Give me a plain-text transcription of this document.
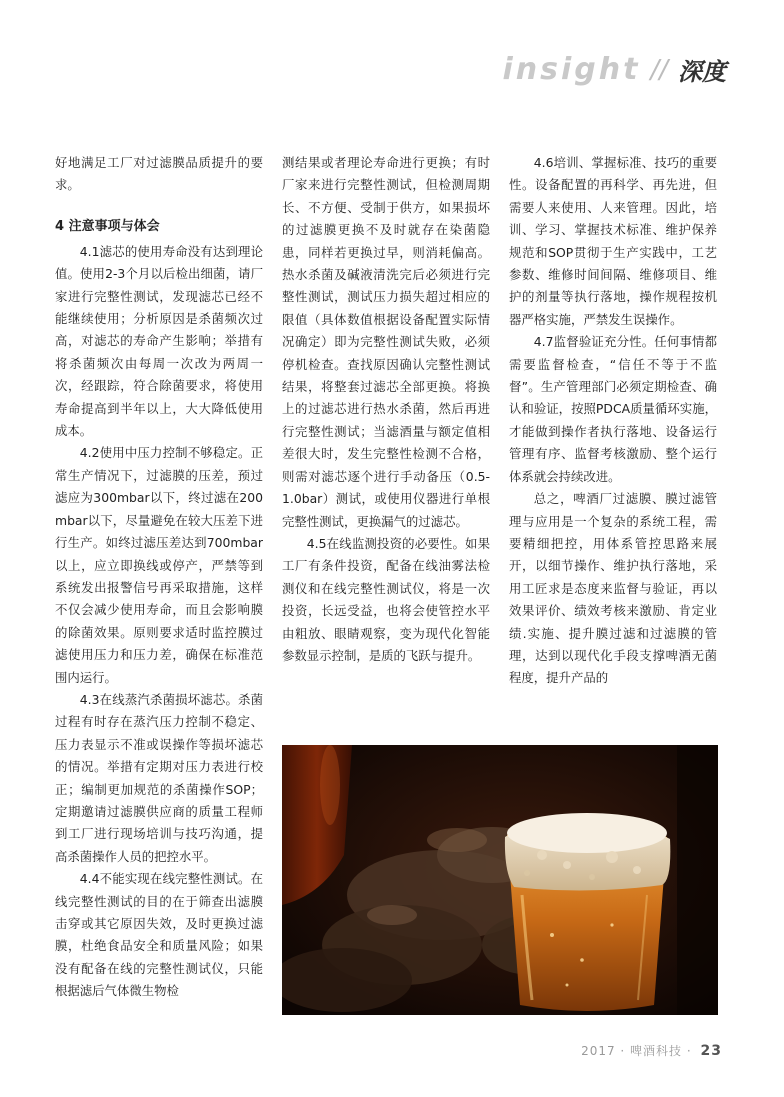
insight // 深度

好地满足工厂对过滤膜品质提升的要求。

4 注意事项与体会

4.1滤芯的使用寿命没有达到理论值。使用2-3个月以后检出细菌，请厂家进行完整性测试，发现滤芯已经不能继续使用；分析原因是杀菌频次过高，对滤芯的寿命产生影响；举措有将杀菌频次由每周一次改为两周一次，经跟踪，符合除菌要求，将使用寿命提高到半年以上，大大降低使用成本。

4.2使用中压力控制不够稳定。正常生产情况下，过滤膜的压差，预过滤应为300mbar以下，终过滤在200mbar以下，尽量避免在较大压差下进行生产。如终过滤压差达到700mbar以上，应立即换线或停产，严禁等到系统发出报警信号再采取措施，这样不仅会减少使用寿命，而且会影响膜的除菌效果。原则要求适时监控膜过滤使用压力和压力差，确保在标准范围内运行。

4.3在线蒸汽杀菌损坏滤芯。杀菌过程有时存在蒸汽压力控制不稳定、压力表显示不准或误操作等损坏滤芯的情况。举措有定期对压力表进行校正；编制更加规范的杀菌操作SOP；定期邀请过滤膜供应商的质量工程师到工厂进行现场培训与技巧沟通，提高杀菌操作人员的把控水平。

4.4不能实现在线完整性测试。在线完整性测试的目的在于筛查出滤膜击穿或其它原因失效，及时更换过滤膜，杜绝食品安全和质量风险；如果没有配备在线的完整性测试仪，只能根据滤后气体微生物检

测结果或者理论寿命进行更换；有时厂家来进行完整性测试，但检测周期长、不方便、受制于供方，如果损坏的过滤膜更换不及时就存在染菌隐患，同样若更换过早，则消耗偏高。热水杀菌及碱液清洗完后必须进行完整性测试，测试压力损失超过相应的限值（具体数值根据设备配置实际情况确定）即为完整性测试失败，必须停机检查。查找原因确认完整性测试结果，将整套过滤芯全部更换。将换上的过滤芯进行热水杀菌，然后再进行完整性测试；当滤酒量与额定值相差很大时，发生完整性检测不合格，则需对滤芯逐个进行手动备压（0.5-1.0bar）测试，或使用仪器进行单根完整性测试，更换漏气的过滤芯。

4.5在线监测投资的必要性。如果工厂有条件投资，配备在线油雾法检测仪和在线完整性测试仪，将是一次投资，长远受益，也将会使管控水平由粗放、眼睛观察，变为现代化智能参数显示控制，是质的飞跃与提升。

4.6培训、掌握标准、技巧的重要性。设备配置的再科学、再先进，但需要人来使用、人来管理。因此，培训、学习、掌握技术标准、维护保养规范和SOP贯彻于生产实践中，工艺参数、维修时间间隔、维修项目、维护的剂量等执行落地，操作规程按机器严格实施，严禁发生误操作。

4.7监督验证充分性。任何事情都需要监督检查，“信任不等于不监督”。生产管理部门必须定期检查、确认和验证，按照PDCA质量循环实施，才能做到操作者执行落地、设备运行管理有序、监督考核激励、整个运行体系就会持续改进。

总之，啤酒厂过滤膜、膜过滤管理与应用是一个复杂的系统工程，需要精细把控，用体系管控思路来展开，以细节操作、维护执行落地，采用工匠求是态度来监督与验证，再以效果评价、绩效考核来激励、肯定业绩.实施、提升膜过滤和过滤膜的管理，达到以现代化手段支撑啤酒无菌程度，提升产品的

2017 · 啤酒科技 · 23
